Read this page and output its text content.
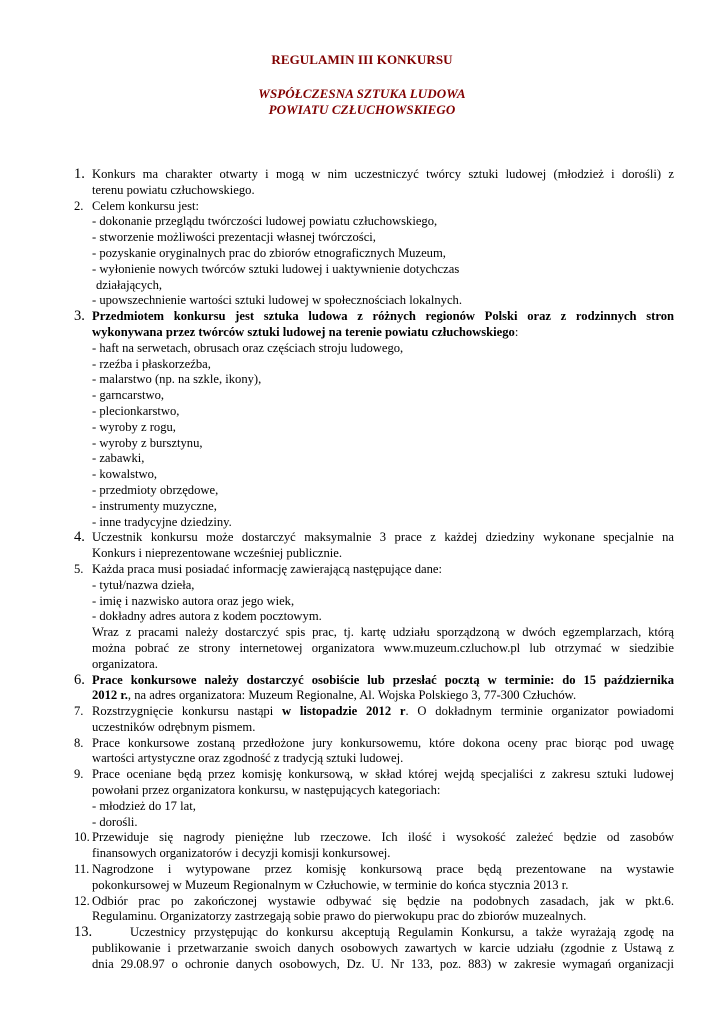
REGULAMIN III KONKURSU
WSPÓŁCZESNA SZTUKA LUDOWA
POWIATU CZŁUCHOWSKIEGO
1. Konkurs ma charakter otwarty i mogą w nim uczestniczyć twórcy sztuki ludowej (młodzież i dorośli) z
terenu powiatu człuchowskiego.
2. Celem konkursu jest:
- dokonanie przeglądu twórczości ludowej powiatu człuchowskiego,
- stworzenie możliwości prezentacji własnej twórczości,
- pozyskanie oryginalnych prac do zbiorów etnograficznych Muzeum,
- wyłonienie nowych twórców sztuki ludowej i uaktywnienie dotychczas
działających,
- upowszechnienie wartości sztuki ludowej w społecznościach lokalnych.
3. Przedmiotem konkursu jest sztuka ludowa z różnych regionów Polski oraz z rodzinnych stron
wykonywana przez twórców sztuki ludowej na terenie powiatu człuchowskiego:
- haft na serwetach, obrusach oraz częściach stroju ludowego,
- rzeźba i płaskorzeźba,
- malarstwo (np. na szkle, ikony),
- garncarstwo,
- plecionkarstwo,
- wyroby z rogu,
- wyroby z bursztynu,
- zabawki,
- kowalstwo,
- przedmioty obrzędowe,
- instrumenty muzyczne,
- inne tradycyjne dziedziny.
4. Uczestnik konkursu może dostarczyć maksymalnie 3 prace z każdej dziedziny wykonane specjalnie na
Konkurs i nieprezentowane wcześniej publicznie.
5. Każda praca musi posiadać informację zawierającą następujące dane:
- tytuł/nazwa dzieła,
- imię i nazwisko autora oraz jego wiek,
- dokładny adres autora z kodem pocztowym.
Wraz z pracami należy dostarczyć spis prac, tj. kartę udziału sporządzoną w dwóch egzemplarzach, którą
można pobrać ze strony internetowej organizatora www.muzeum.czluchow.pl lub otrzymać w siedzibie
organizatora.
6. Prace konkursowe należy dostarczyć osobiście lub przesłać pocztą w terminie: do 15 października
2012 r., na adres organizatora: Muzeum Regionalne, Al. Wojska Polskiego 3, 77-300 Człuchów.
7. Rozstrzygnięcie konkursu nastąpi w listopadzie 2012 r. O dokładnym terminie organizator powiadomi
uczestników odrębnym pismem.
8. Prace konkursowe zostaną przedłożone jury konkursowemu, które dokona oceny prac biorąc pod uwagę
wartości artystyczne oraz zgodność z tradycją sztuki ludowej.
9. Prace oceniane będą przez komisję konkursową, w skład której wejdą specjaliści z zakresu sztuki ludowej
powołani przez organizatora konkursu, w następujących kategoriach:
- młodzież do 17 lat,
- dorośli.
10. Przewiduje się nagrody pieniężne lub rzeczowe. Ich ilość i wysokość zależeć będzie od zasobów
finansowych organizatorów i decyzji komisji konkursowej.
11. Nagrodzone i wytypowane przez komisję konkursową prace będą prezentowane na wystawie
pokonkursowej w Muzeum Regionalnym w Człuchowie, w terminie do końca stycznia 2013 r.
12. Odbiór prac po zakończonej wystawie odbywać się będzie na podobnych zasadach, jak w pkt.6.
Regulaminu. Organizatorzy zastrzegają sobie prawo do pierwokupu prac do zbiorów muzealnych.
13.	Uczestnicy przystępując do konkursu akceptują Regulamin Konkursu, a także wyrażają zgodę na
publikowanie i przetwarzanie swoich danych osobowych zawartych w karcie udziału (zgodnie z Ustawą z
dnia 29.08.97 o ochronie danych osobowych, Dz. U. Nr 133, poz. 883) w zakresie wymagań organizacji
